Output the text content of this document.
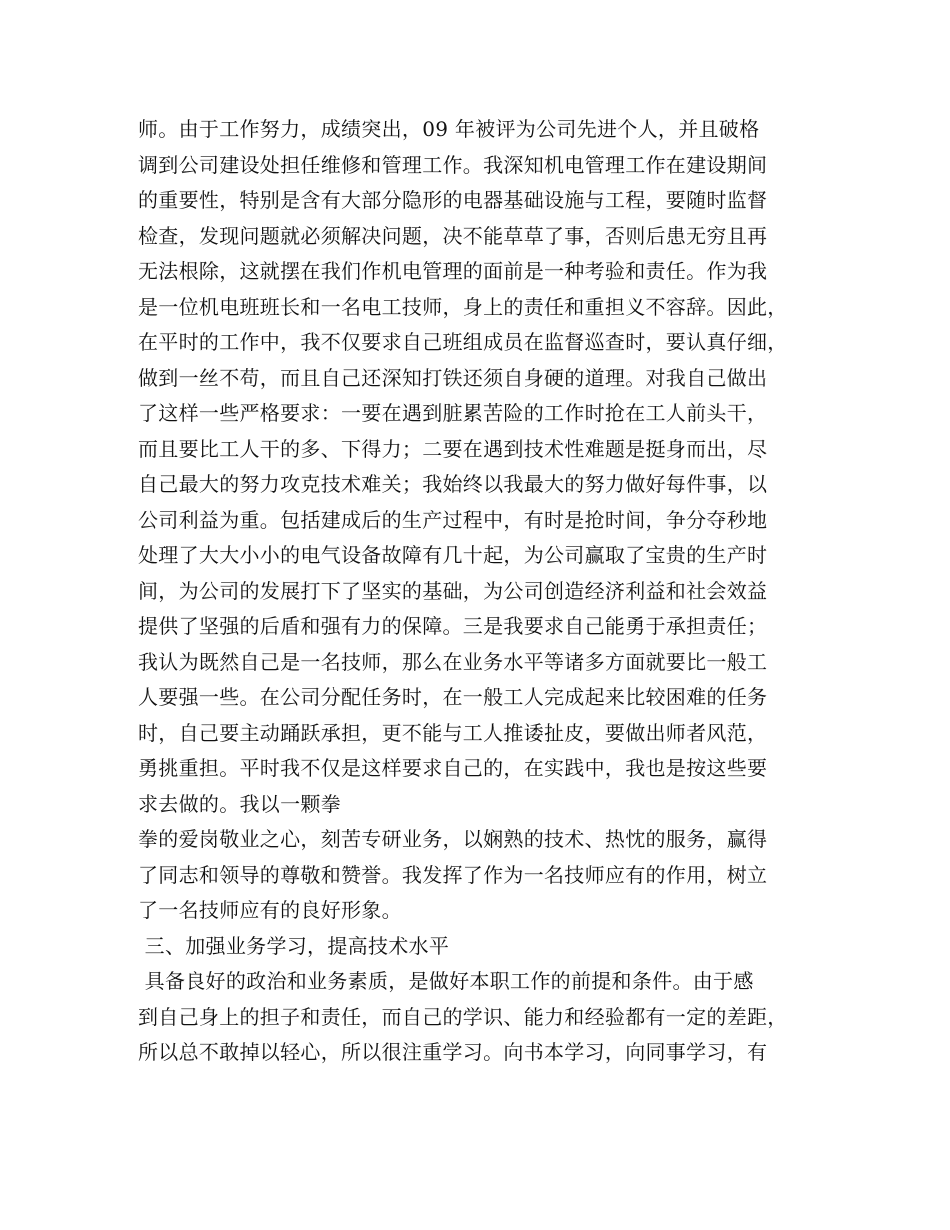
师。由于工作努力，成绩突出，09 年被评为公司先进个人，并且破格
调到公司建设处担任维修和管理工作。我深知机电管理工作在建设期间
的重要性，特别是含有大部分隐形的电器基础设施与工程，要随时监督
检查，发现问题就必须解决问题，决不能草草了事，否则后患无穷且再
无法根除，这就摆在我们作机电管理的面前是一种考验和责任。作为我
是一位机电班班长和一名电工技师，身上的责任和重担义不容辞。因此，
在平时的工作中，我不仅要求自己班组成员在监督巡查时，要认真仔细，
做到一丝不苟，而且自己还深知打铁还须自身硬的道理。对我自己做出
了这样一些严格要求：一要在遇到脏累苦险的工作时抢在工人前头干，
而且要比工人干的多、下得力；二要在遇到技术性难题是挺身而出，尽
自己最大的努力攻克技术难关；我始终以我最大的努力做好每件事，以
公司利益为重。包括建成后的生产过程中，有时是抢时间，争分夺秒地
处理了大大小小的电气设备故障有几十起，为公司赢取了宝贵的生产时
间，为公司的发展打下了坚实的基础，为公司创造经济利益和社会效益
提供了坚强的后盾和强有力的保障。三是我要求自己能勇于承担责任；
我认为既然自己是一名技师，那么在业务水平等诸多方面就要比一般工
人要强一些。在公司分配任务时，在一般工人完成起来比较困难的任务
时，自己要主动踊跃承担，更不能与工人推诿扯皮，要做出师者风范，
勇挑重担。平时我不仅是这样要求自己的，在实践中，我也是按这些要
求去做的。我以一颗拳
拳的爱岗敬业之心，刻苦专研业务，以娴熟的技术、热忱的服务，赢得
了同志和领导的尊敬和赞誉。我发挥了作为一名技师应有的作用，树立
了一名技师应有的良好形象。
三、加强业务学习，提高技术水平
具备良好的政治和业务素质，是做好本职工作的前提和条件。由于感
到自己身上的担子和责任，而自己的学识、能力和经验都有一定的差距，
所以总不敢掉以轻心，所以很注重学习。向书本学习，向同事学习，有
